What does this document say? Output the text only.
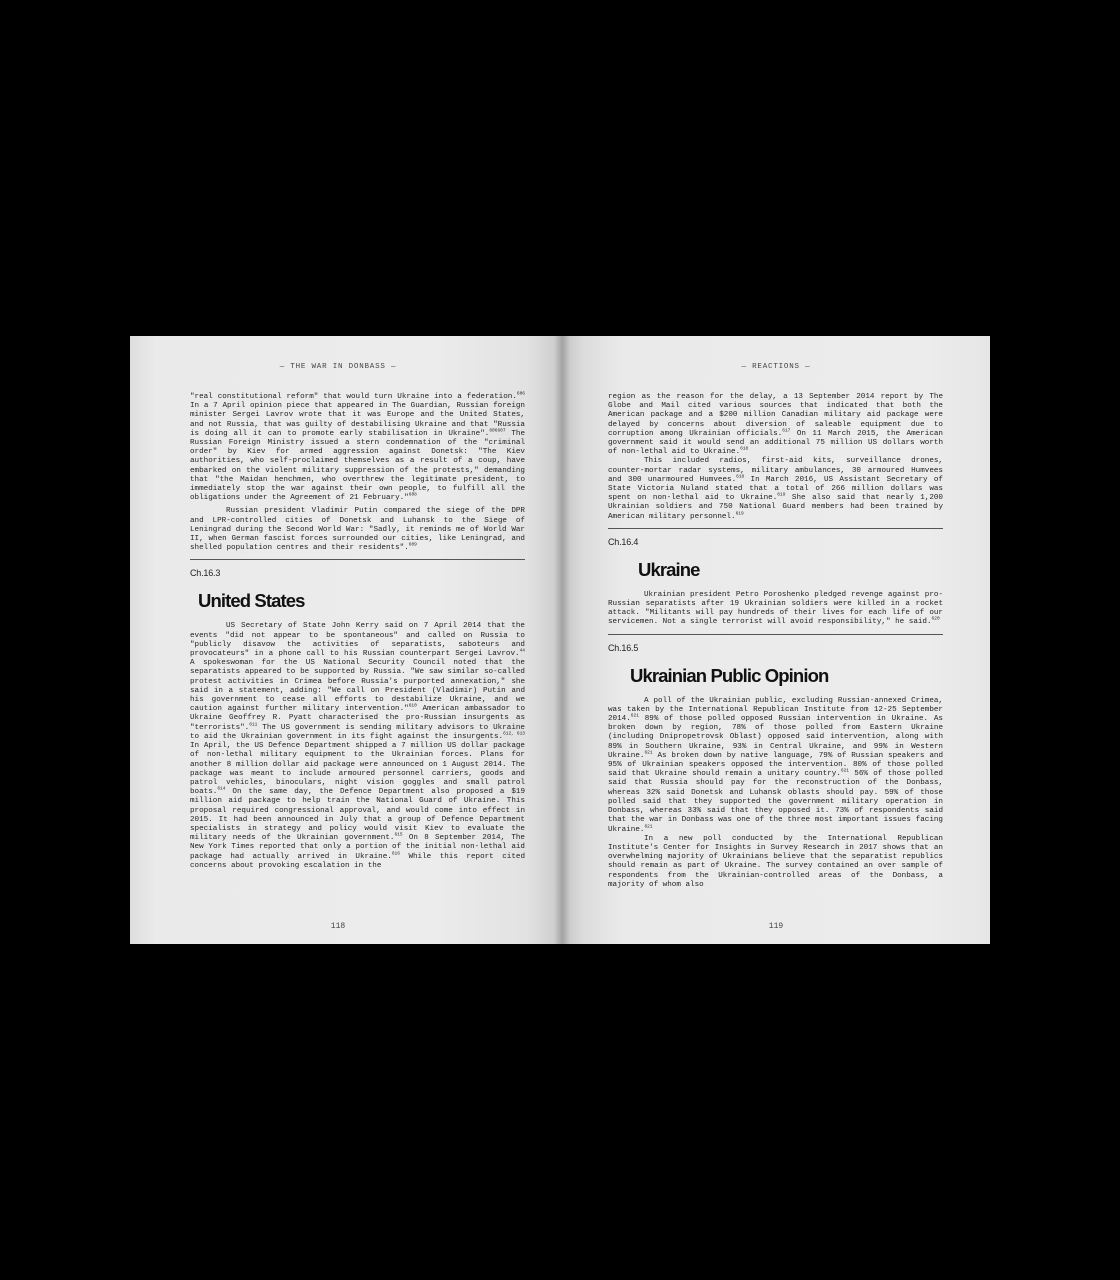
— THE WAR IN DONBASS —

"real constitutional reform" that would turn Ukraine into a federation.$^{606}$ In a 7 April opinion piece that appeared in The Guardian, Russian foreign minister Sergei Lavrov wrote that it was Europe and the United States, and not Russia, that was guilty of destabilising Ukraine and that "Russia is doing all it can to promote early stabilisation in Ukraine".$^{606607}$ The Russian Foreign Ministry issued a stern condemnation of the "criminal order" by Kiev for armed aggression against Donetsk: "The Kiev authorities, who self-proclaimed themselves as a result of a coup, have embarked on the violent military suppression of the protests," demanding that "the Maidan henchmen, who overthrew the legitimate president, to immediately stop the war against their own people, to fulfill all the obligations under the Agreement of 21 February."$^{608}$

Russian president Vladimir Putin compared the siege of the DPR and LPR-controlled cities of Donetsk and Luhansk to the Siege of Leningrad during the Second World War: "Sadly, it reminds me of World War II, when German fascist forces surrounded our cities, like Leningrad, and shelled population centres and their residents".$^{609}$

Ch.16.3
United States

US Secretary of State John Kerry said on 7 April 2014 that the events "did not appear to be spontaneous" and called on Russia to "publicly disavow the activities of separatists, saboteurs and provocateurs" in a phone call to his Russian counterpart Sergei Lavrov.$^{44}$ A spokeswoman for the US National Security Council noted that the separatists appeared to be supported by Russia. "We saw similar so-called protest activities in Crimea before Russia's purported annexation," she said in a statement, adding: "We call on President (Vladimir) Putin and his government to cease all efforts to destabilize Ukraine, and we caution against further military intervention."$^{610}$ American ambassador to Ukraine Geoffrey R. Pyatt characterised the pro-Russian insurgents as "terrorists".$^{611}$ The US government is sending military advisors to Ukraine to aid the Ukrainian government in its fight against the insurgents.$^{612, 613}$ In April, the US Defence Department shipped a 7 million US dollar package of non-lethal military equipment to the Ukrainian forces. Plans for another 8 million dollar aid package were announced on 1 August 2014. The package was meant to include armoured personnel carriers, goods and patrol vehicles, binoculars, night vision goggles and small patrol boats.$^{614}$ On the same day, the Defence Department also proposed a $19 million aid package to help train the National Guard of Ukraine. This proposal required congressional approval, and would come into effect in 2015. It had been announced in July that a group of Defence Department specialists in strategy and policy would visit Kiev to evaluate the military needs of the Ukrainian government.$^{615}$ On 8 September 2014, The New York Times reported that only a portion of the initial non-lethal aid package had actually arrived in Ukraine.$^{616}$ While this report cited concerns about provoking escalation in the

118
— REACTIONS —

region as the reason for the delay, a 13 September 2014 report by The Globe and Mail cited various sources that indicated that both the American package and a $200 million Canadian military aid package were delayed by concerns about diversion of saleable equipment due to corruption among Ukrainian officials.$^{617}$ On 11 March 2015, the American government said it would send an additional 75 million US dollars worth of non-lethal aid to Ukraine.$^{618}$

This included radios, first-aid kits, surveillance drones, counter-mortar radar systems, military ambulances, 30 armoured Humvees and 300 unarmoured Humvees.$^{618}$ In March 2016, US Assistant Secretary of State Victoria Nuland stated that a total of 266 million dollars was spent on non-lethal aid to Ukraine.$^{619}$ She also said that nearly 1,200 Ukrainian soldiers and 750 National Guard members had been trained by American military personnel.$^{619}$

Ch.16.4
Ukraine

Ukrainian president Petro Poroshenko pledged revenge against pro-Russian separatists after 19 Ukrainian soldiers were killed in a rocket attack. "Militants will pay hundreds of their lives for each life of our servicemen. Not a single terrorist will avoid responsibility," he said.$^{620}$

Ch.16.5
Ukrainian Public Opinion

A poll of the Ukrainian public, excluding Russian-annexed Crimea, was taken by the International Republican Institute from 12-25 September 2014.$^{621}$ 89% of those polled opposed Russian intervention in Ukraine. As broken down by region, 78% of those polled from Eastern Ukraine (including Dnipropetrovsk Oblast) opposed said intervention, along with 89% in Southern Ukraine, 93% in Central Ukraine, and 99% in Western Ukraine.$^{621}$ As broken down by native language, 79% of Russian speakers and 95% of Ukrainian speakers opposed the intervention. 80% of those polled said that Ukraine should remain a unitary country.$^{621}$ 56% of those polled said that Russia should pay for the reconstruction of the Donbass, whereas 32% said Donetsk and Luhansk oblasts should pay. 59% of those polled said that they supported the government military operation in Donbass, whereas 33% said that they opposed it. 73% of respondents said that the war in Donbass was one of the three most important issues facing Ukraine.$^{621}$

In a new poll conducted by the International Republican Institute's Center for Insights in Survey Research in 2017 shows that an overwhelming majority of Ukrainians believe that the separatist republics should remain as part of Ukraine. The survey contained an over sample of respondents from the Ukrainian-controlled areas of the Donbass, a majority of whom also

119
